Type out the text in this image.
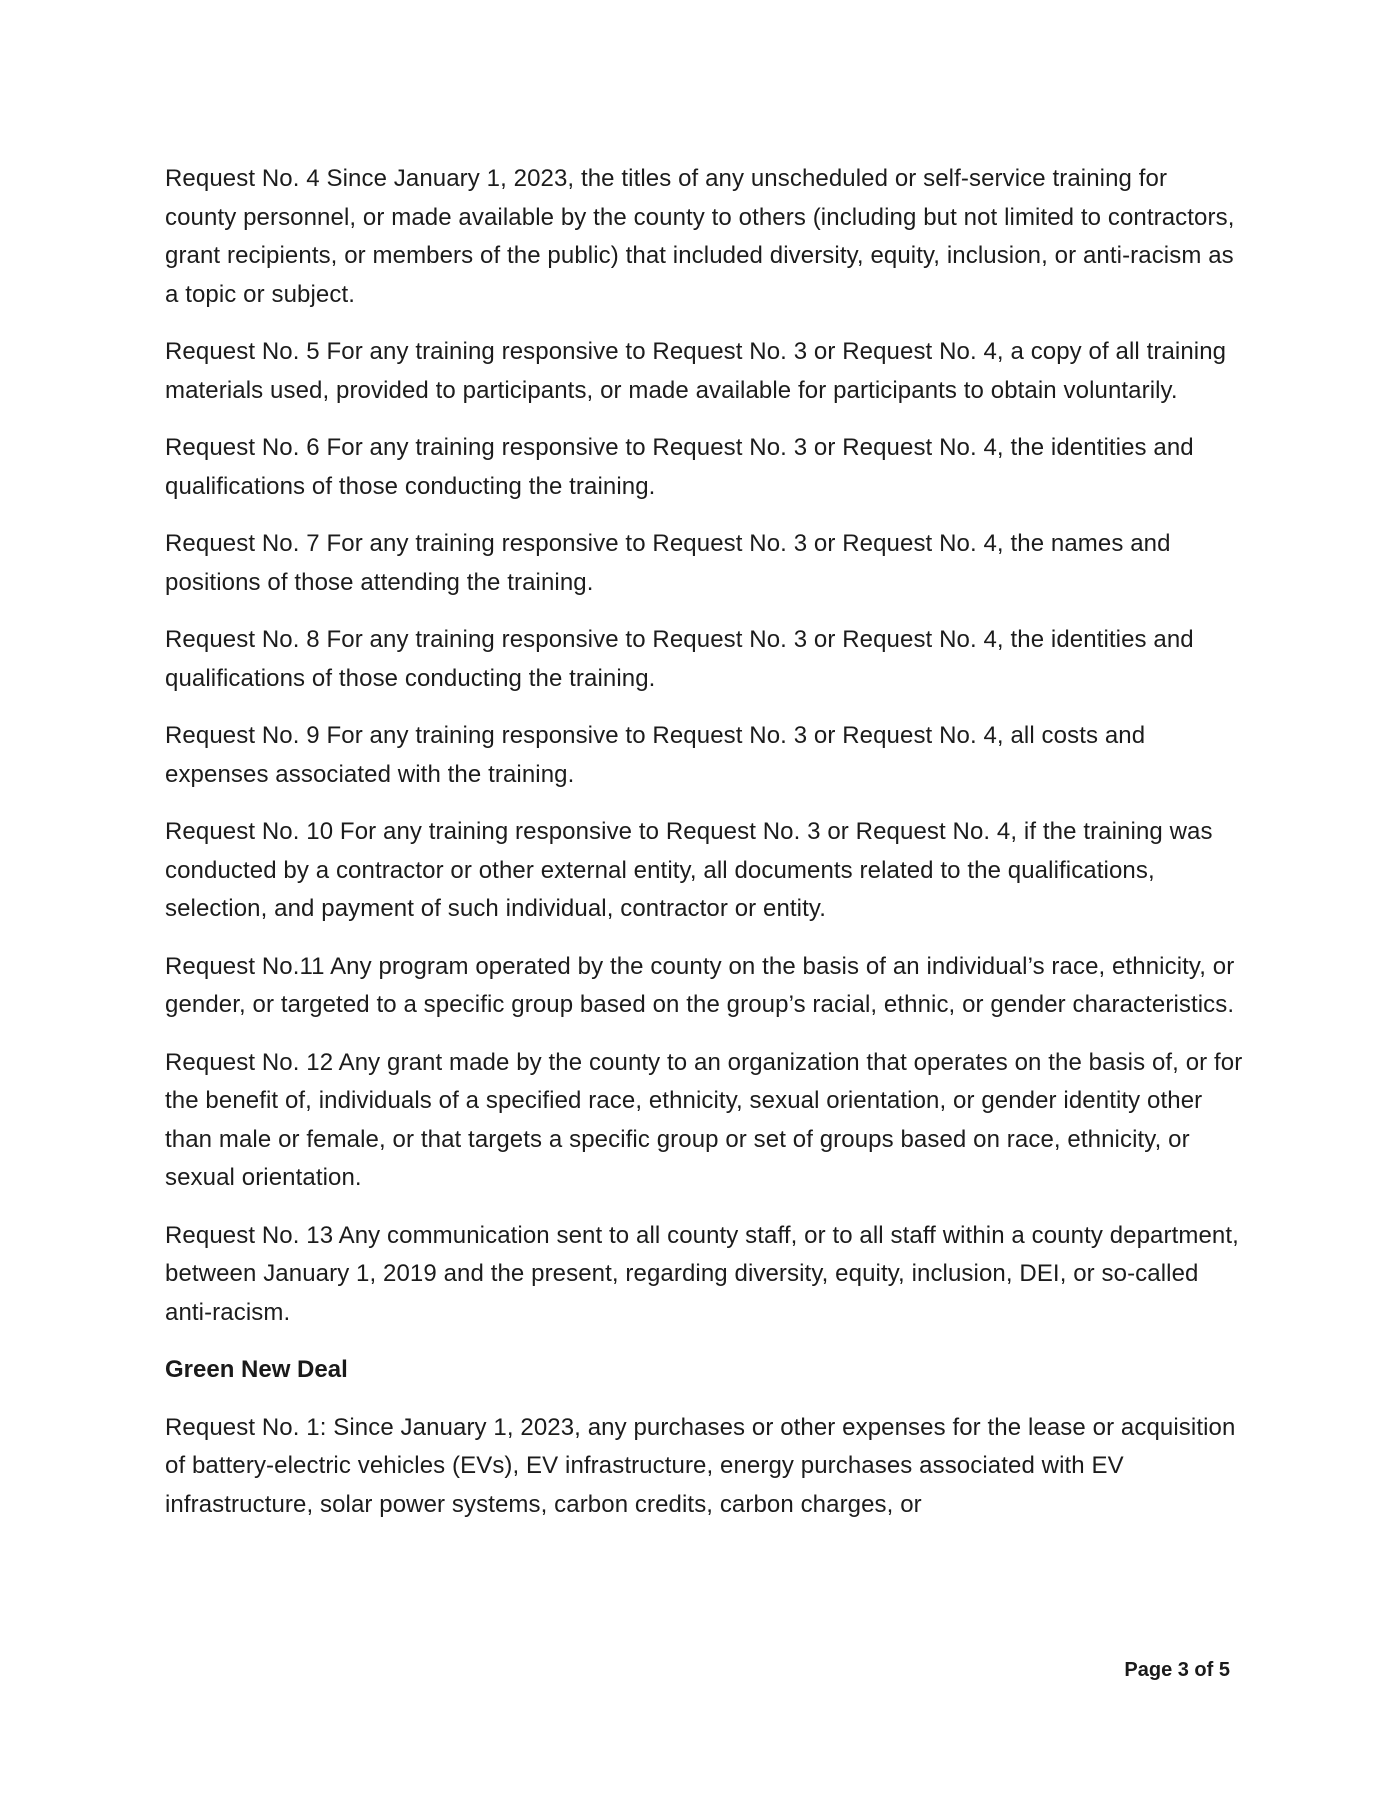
Request No. 4 Since January 1, 2023, the titles of any unscheduled or self-service training for county personnel, or made available by the county to others (including but not limited to contractors, grant recipients, or members of the public) that included diversity, equity, inclusion, or anti-racism as a topic or subject.

Request No. 5 For any training responsive to Request No. 3 or Request No. 4, a copy of all training materials used, provided to participants, or made available for participants to obtain voluntarily.

Request No. 6 For any training responsive to Request No. 3 or Request No. 4, the identities and qualifications of those conducting the training.

Request No. 7 For any training responsive to Request No. 3 or Request No. 4, the names and positions of those attending the training.

Request No. 8 For any training responsive to Request No. 3 or Request No. 4, the identities and qualifications of those conducting the training.

Request No. 9 For any training responsive to Request No. 3 or Request No. 4, all costs and expenses associated with the training.

Request No. 10 For any training responsive to Request No. 3 or Request No. 4, if the training was conducted by a contractor or other external entity, all documents related to the qualifications, selection, and payment of such individual, contractor or entity.

Request No.11 Any program operated by the county on the basis of an individual’s race, ethnicity, or gender, or targeted to a specific group based on the group’s racial, ethnic, or gender characteristics.

Request No. 12 Any grant made by the county to an organization that operates on the basis of, or for the benefit of, individuals of a specified race, ethnicity, sexual orientation, or gender identity other than male or female, or that targets a specific group or set of groups based on race, ethnicity, or sexual orientation.

Request No. 13 Any communication sent to all county staff, or to all staff within a county department, between January 1, 2019 and the present, regarding diversity, equity, inclusion, DEI, or so-called anti-racism.

Green New Deal

Request No. 1: Since January 1, 2023, any purchases or other expenses for the lease or acquisition of battery-electric vehicles (EVs), EV infrastructure, energy purchases associated with EV infrastructure, solar power systems, carbon credits, carbon charges, or

Page 3 of 5
